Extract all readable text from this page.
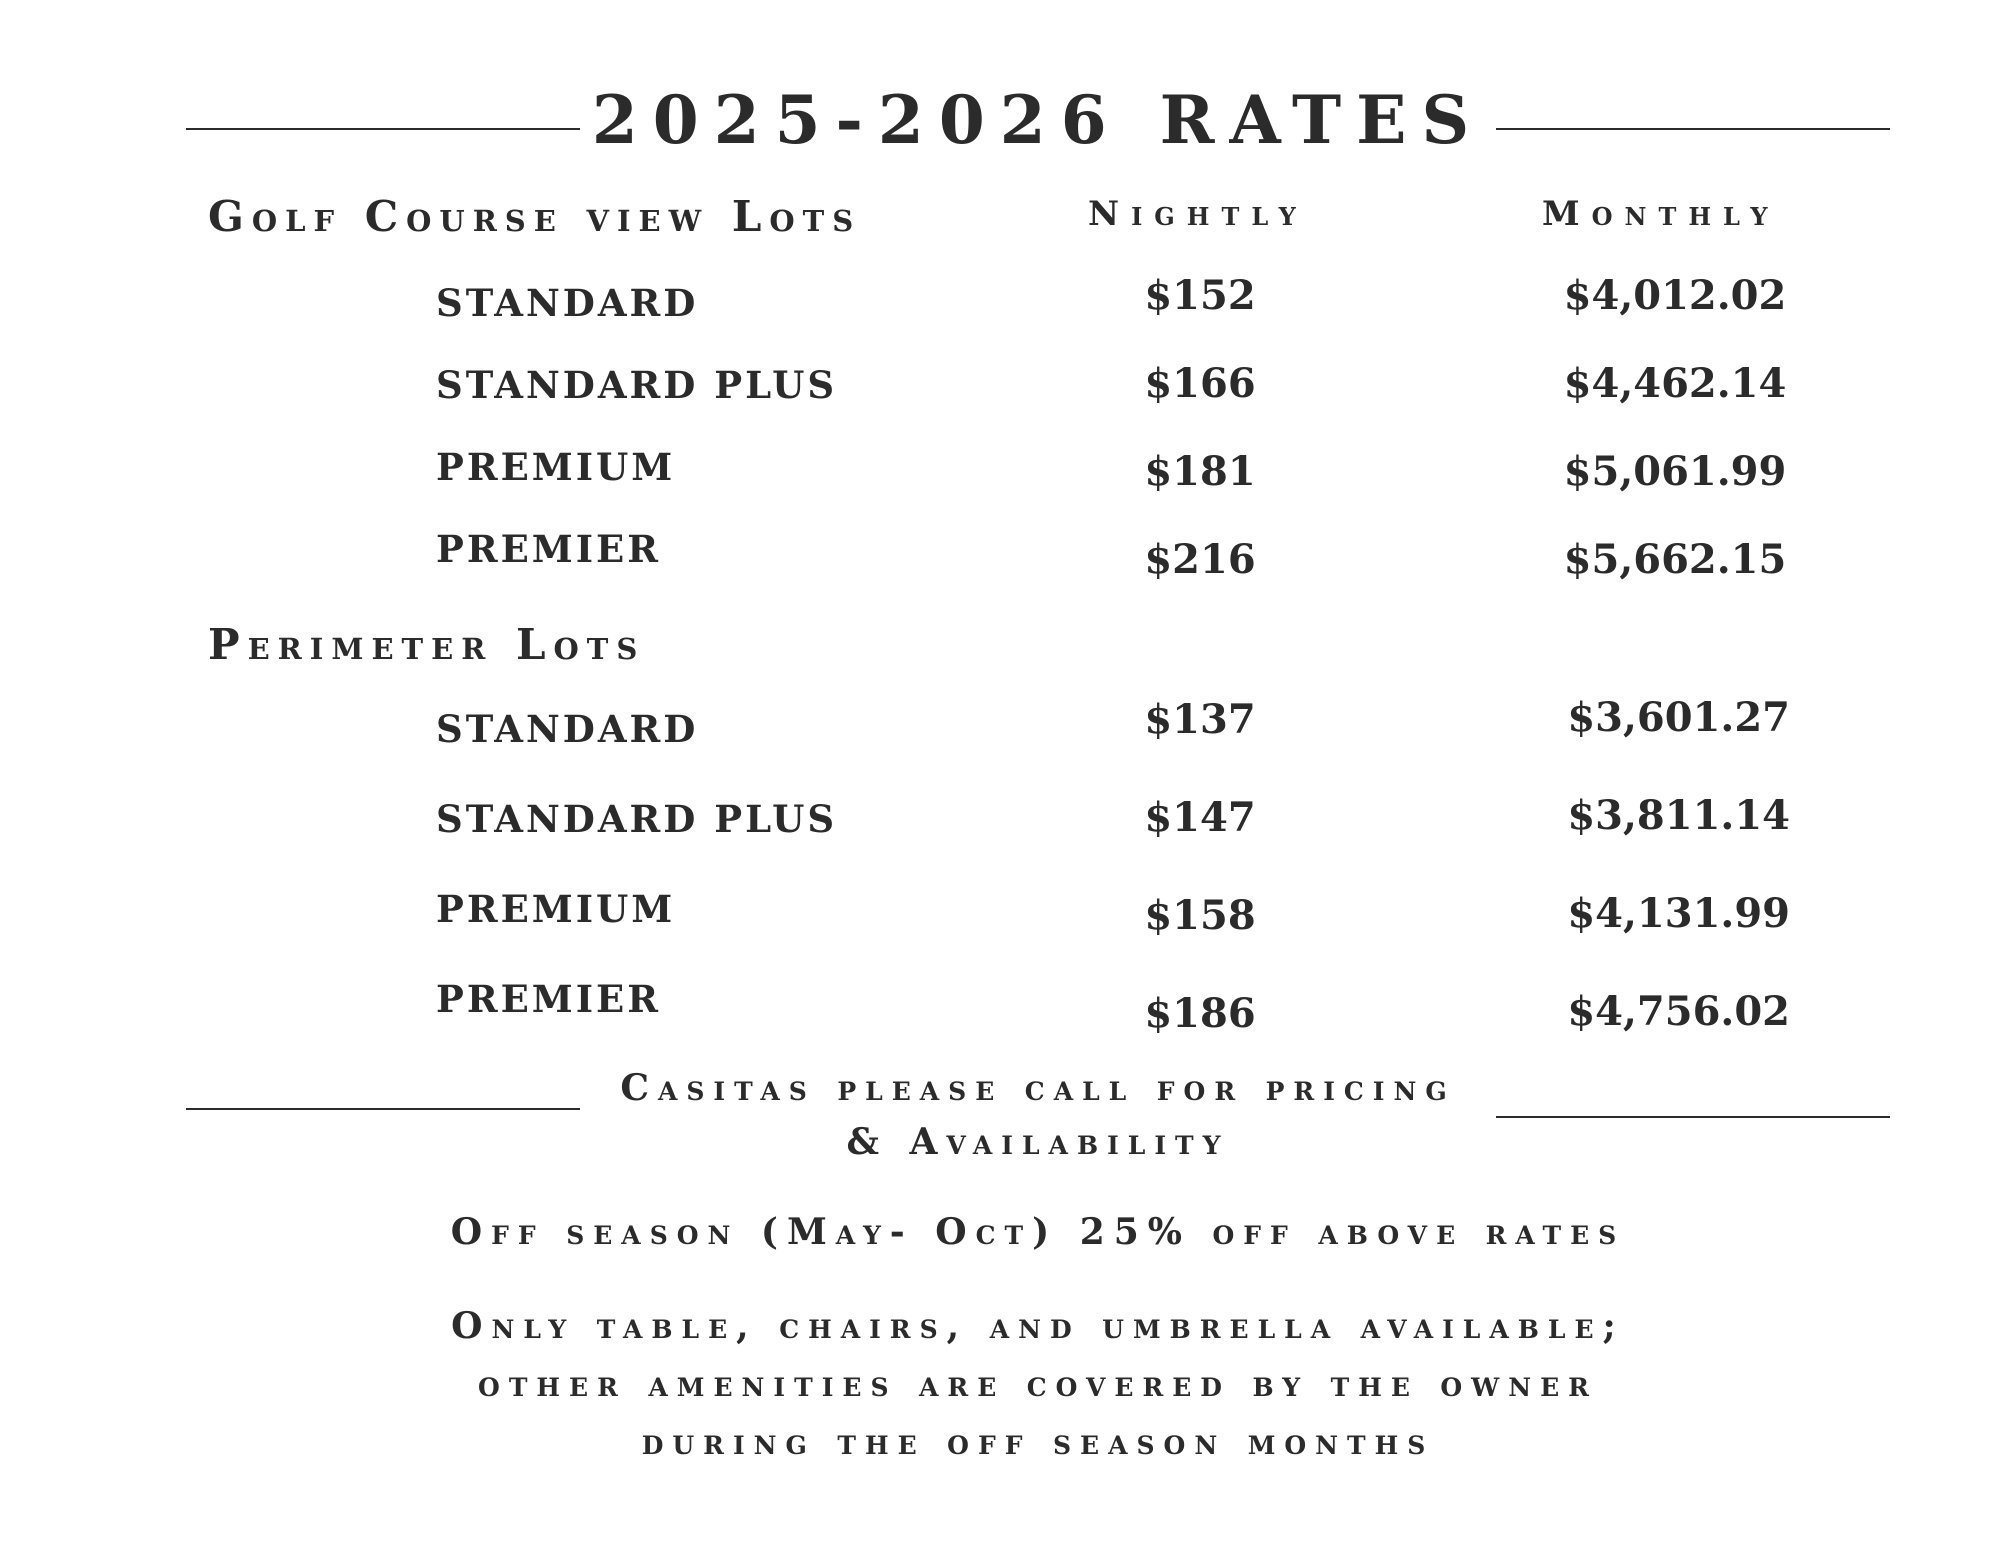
2025-2026 RATES
Golf Course view Lots	Nightly	Monthly
STANDARD	$152	$4,012.02
STANDARD PLUS	$166	$4,462.14
PREMIUM	$181	$5,061.99
PREMIER	$216	$5,662.15
Perimeter Lots
STANDARD	$137	$3,601.27
STANDARD PLUS	$147	$3,811.14
PREMIUM	$158	$4,131.99
PREMIER	$186	$4,756.02
Casitas please call for pricing
& Availability
Off season (May- Oct) 25% off above rates
Only table, chairs, and umbrella available;
other amenities are covered by the owner
during the off season months
